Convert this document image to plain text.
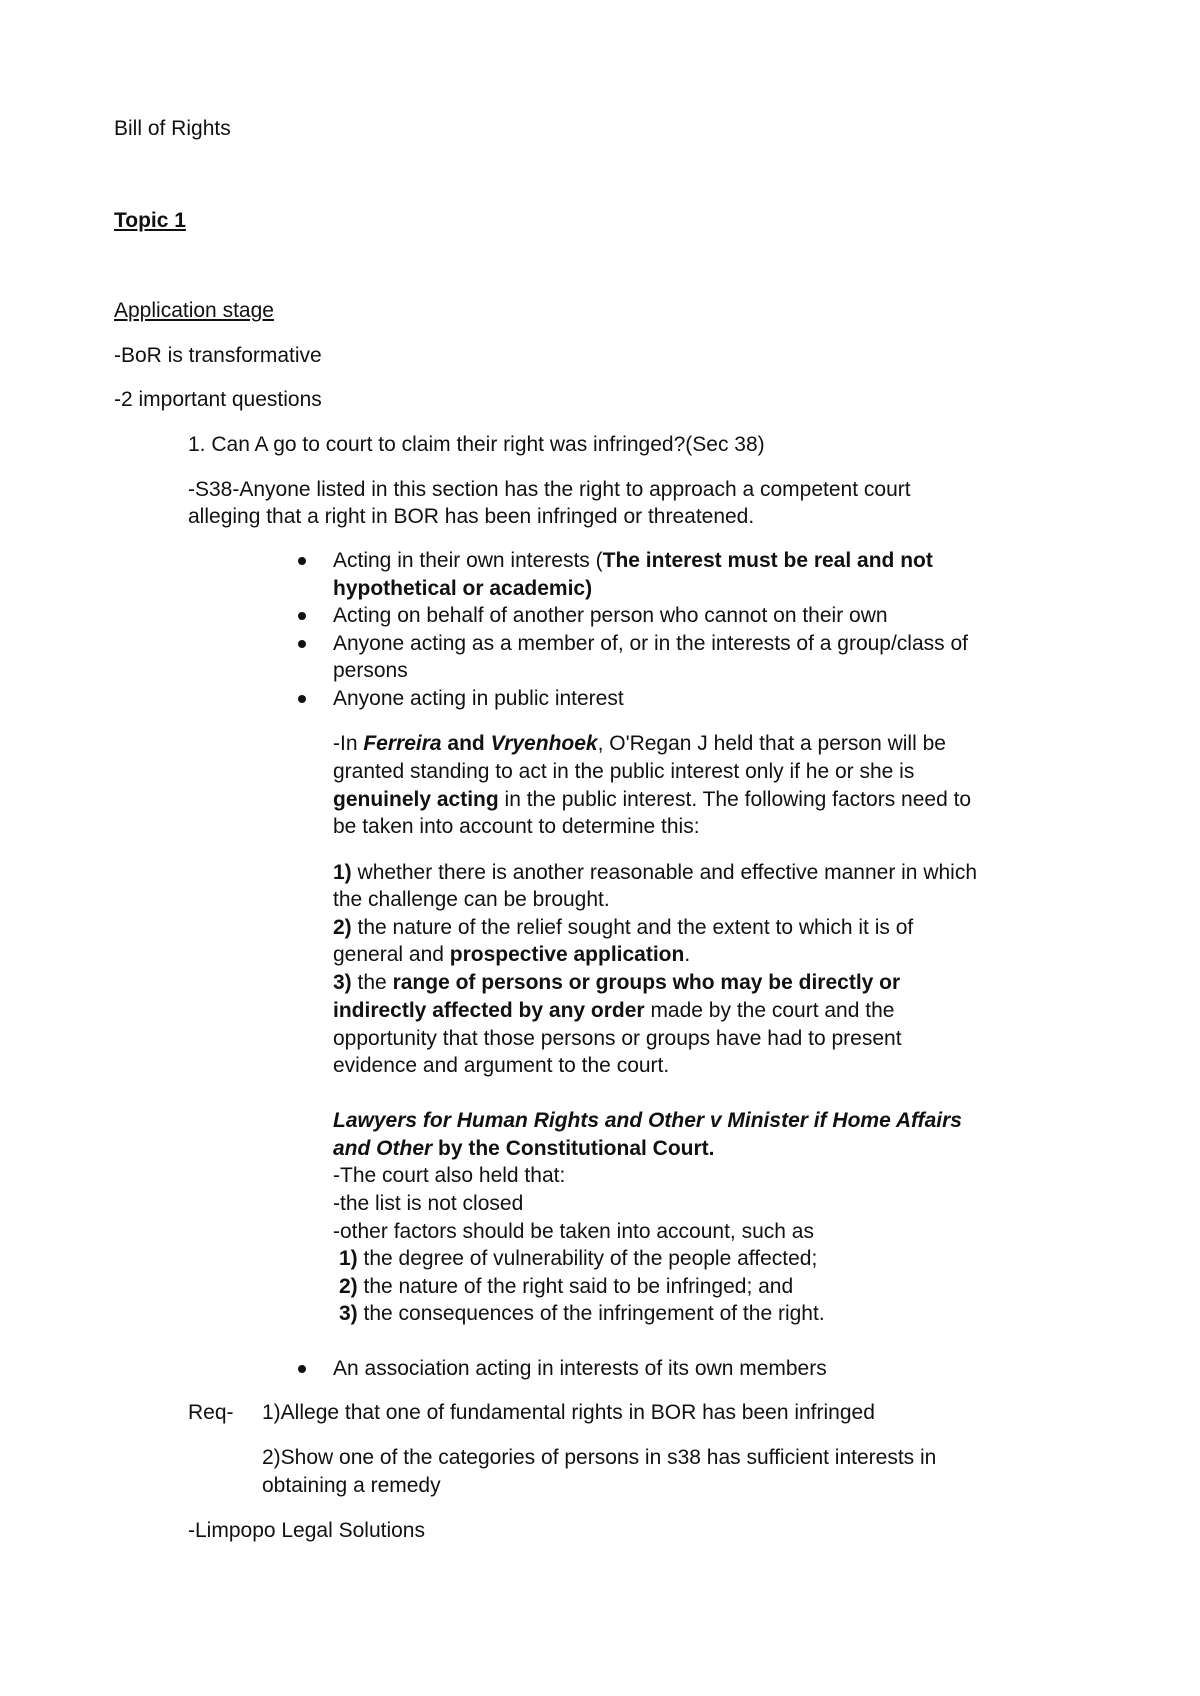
Bill of Rights
Topic 1
Application stage
-BoR is transformative
-2 important questions
1. Can A go to court to claim their right was infringed?(Sec 38)
-S38-Anyone listed in this section has the right to approach a competent court
alleging that a right in BOR has been infringed or threatened.
Acting in their own interests (The interest must be real and not
hypothetical or academic)
Acting on behalf of another person who cannot on their own
Anyone acting as a member of, or in the interests of a group/class of
persons
Anyone acting in public interest
-In Ferreira and Vryenhoek, O'Regan J held that a person will be
granted standing to act in the public interest only if he or she is
genuinely acting in the public interest. The following factors need to
be taken into account to determine this:
1) whether there is another reasonable and effective manner in which
the challenge can be brought.
2) the nature of the relief sought and the extent to which it is of
general and prospective application.
3) the range of persons or groups who may be directly or
indirectly affected by any order made by the court and the
opportunity that those persons or groups have had to present
evidence and argument to the court.
Lawyers for Human Rights and Other v Minister if Home Affairs
and Other by the Constitutional Court.
-The court also held that:
-the list is not closed
-other factors should be taken into account, such as
1) the degree of vulnerability of the people affected;
2) the nature of the right said to be infringed; and
3) the consequences of the infringement of the right.
An association acting in interests of its own members
Req- 1)Allege that one of fundamental rights in BOR has been infringed
2)Show one of the categories of persons in s38 has sufficient interests in
obtaining a remedy
-Limpopo Legal Solutions
